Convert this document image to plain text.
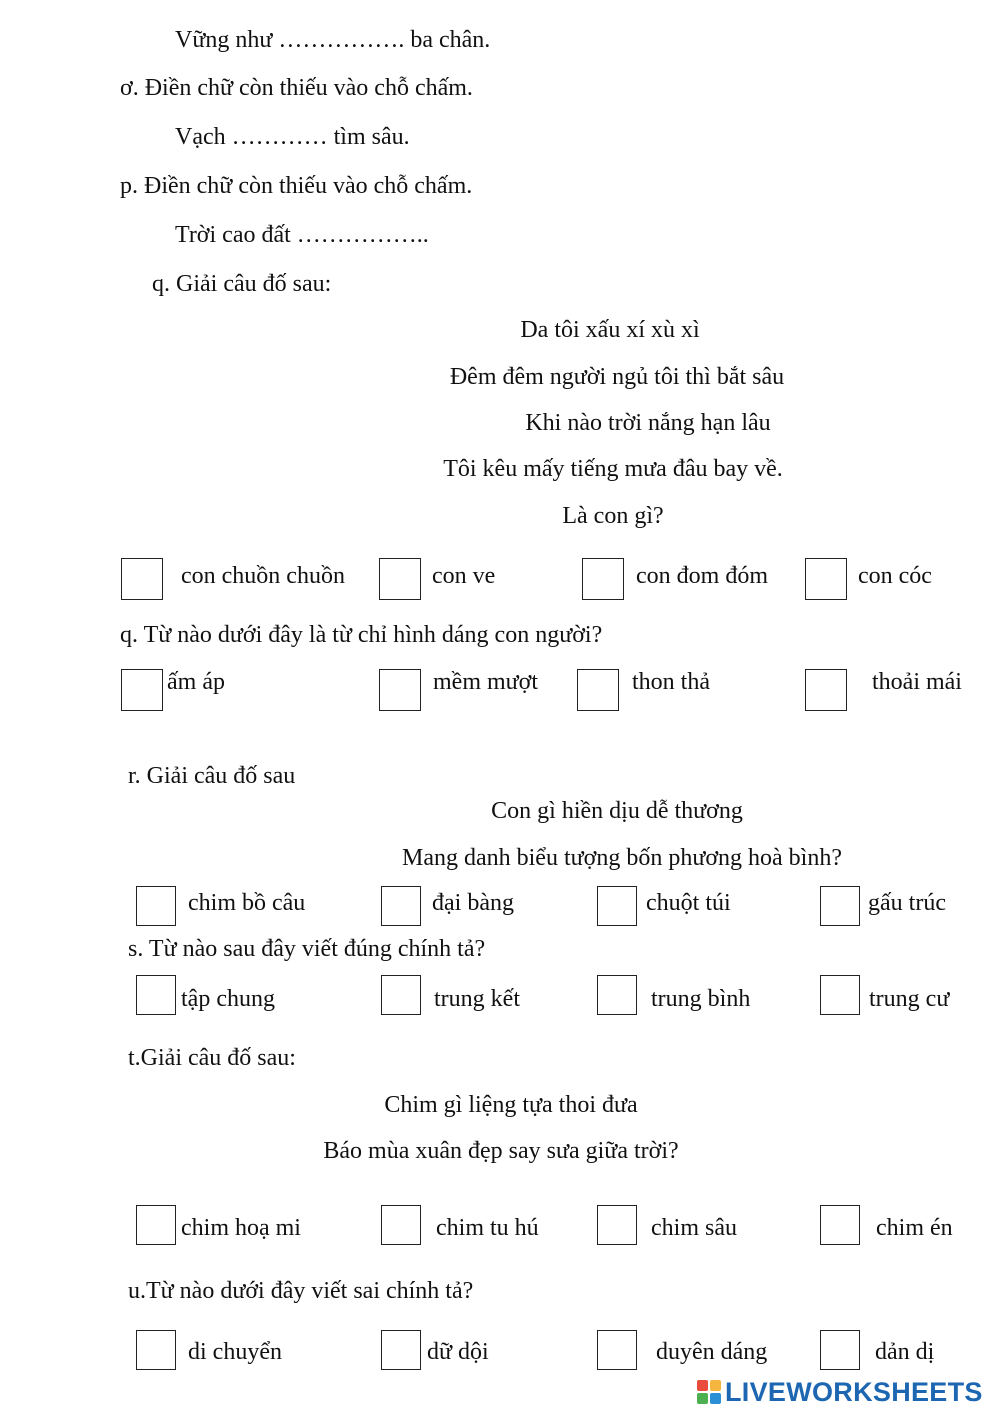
Vững như ……………. ba chân.
ơ. Điền chữ còn thiếu vào chỗ chấm.
Vạch ………… tìm sâu.
p. Điền chữ còn thiếu vào chỗ chấm.
Trời cao đất ……………..
q. Giải câu đố sau:
Da tôi xấu xí xù xì
Đêm đêm người ngủ tôi thì bắt sâu
Khi nào trời nắng hạn lâu
Tôi kêu mấy tiếng mưa đâu bay về.
Là con gì?
con chuồn chuồn	con ve	con đom đóm	con cóc
q. Từ nào dưới đây là từ chỉ hình dáng con người?
ấm áp	mềm mượt	thon thả	thoải mái
r. Giải câu đố sau
Con gì hiền dịu dễ thương
Mang danh biểu tượng bốn phương hoà bình?
chim bồ câu	đại bàng	chuột túi	gấu trúc
s. Từ nào sau đây viết đúng chính tả?
tập chung	trung kết	trung bình	trung cư
t.Giải câu đố sau:
Chim gì liệng tựa thoi đưa
Báo mùa xuân đẹp say sưa giữa trời?
chim hoạ mi	chim tu hú	chim sâu	chim én
u.Từ nào dưới đây viết sai chính tả?
di chuyển	dữ dội	duyên dáng	dản dị
LIVEWORKSHEETS
